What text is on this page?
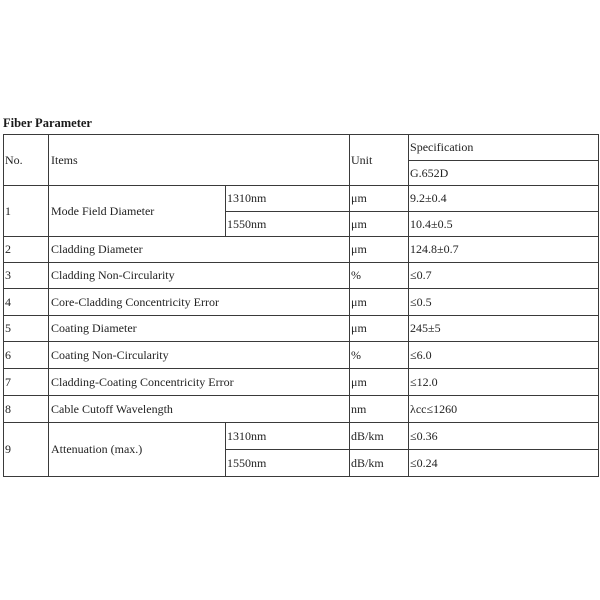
Fiber Parameter
No.	Items		Unit	Specification
				G.652D
1	Mode Field Diameter	1310nm	μm	9.2±0.4
		1550nm	μm	10.4±0.5
2	Cladding Diameter		μm	124.8±0.7
3	Cladding Non-Circularity		%	≤0.7
4	Core-Cladding Concentricity Error		μm	≤0.5
5	Coating Diameter		μm	245±5
6	Coating Non-Circularity		%	≤6.0
7	Cladding-Coating Concentricity Error		μm	≤12.0
8	Cable Cutoff Wavelength		nm	λcc≤1260
9	Attenuation (max.)	1310nm	dB/km	≤0.36
		1550nm	dB/km	≤0.24
